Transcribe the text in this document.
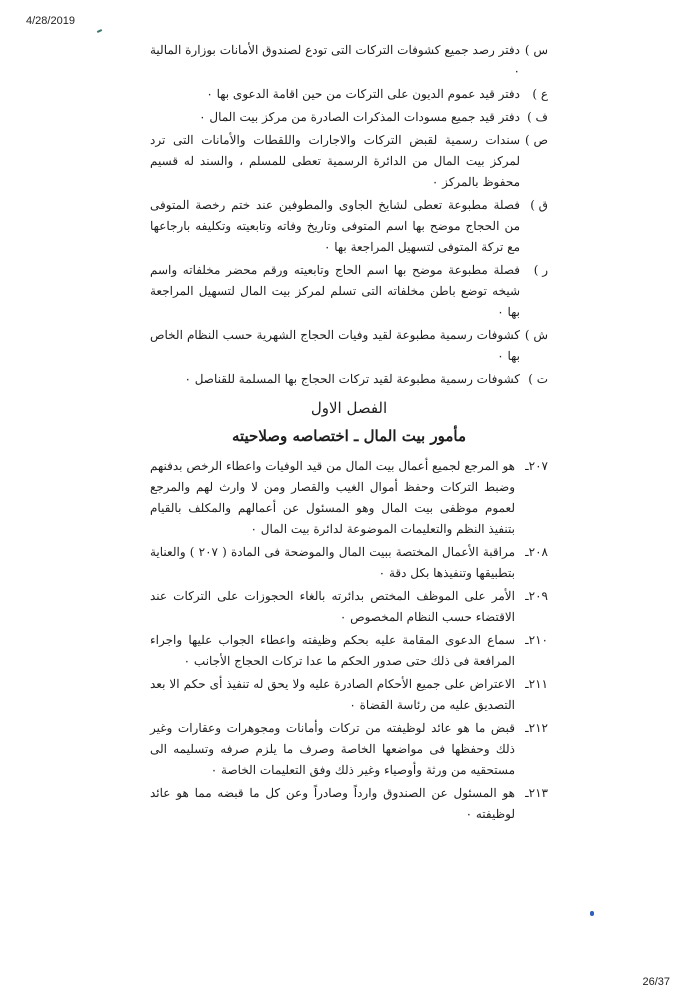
4/28/2019
س )
دفتر رصد جميع كشوفات التركات التى تودع لصندوق الأمانات بوزارة المالية ٠
ع )
دفتر قيد عموم الديون على التركات من حين اقامة الدعوى بها ٠
ف )
دفتر قيد جميع مسودات المذكرات الصادرة من مركز بيت المال ٠
ص )
سندات رسمية لقبض التركات والاجارات واللقطات والأمانات التى ترد لمركز بيت المال من الدائرة الرسمية تعطى للمسلم ، والسند له قسيم محفوظ بالمركز ٠
ق )
فصلة مطبوعة تعطى لشايخ الجاوى والمطوفين عند ختم رخصة المتوفى من الحجاج موضح بها اسم المتوفى وتاريخ وفاته وتابعيته وتكليفه بارجاعها مع تركة المتوفى لتسهيل المراجعة بها ٠
ر )
فصلة مطبوعة موضح بها اسم الحاج وتابعيته ورقم محضر مخلفاته واسم شيخه توضع باطن مخلفاته التى تسلم لمركز بيت المال لتسهيل المراجعة بها ٠
ش )
كشوفات رسمية مطبوعة لقيد وفيات الحجاج الشهرية حسب النظام الخاص بها ٠
ت )
كشوفات رسمية مطبوعة لقيد تركات الحجاج بها المسلمة للقناصل ٠
الفصل الاول
مأمور بيت المال ـ اختصاصه وصلاحيته
٢٠٧ـ
هو المرجع لجميع أعمال بيت المال من قيد الوفيات واعطاء الرخص بدفنهم وضبط التركات وحفظ أموال الغيب والقصار ومن لا وارث لهم والمرجع لعموم موظفى بيت المال وهو المسئول عن أعمالهم والمكلف بالقيام بتنفيذ النظم والتعليمات الموضوعة لدائرة بيت المال ٠
٢٠٨ـ
مراقبة الأعمال المختصة ببيت المال والموضحة فى المادة ( ٢٠٧ ) والعناية بتطبيقها وتنفيذها بكل دقة ٠
٢٠٩ـ
الأمر على الموظف المختص بدائرته بالغاء الحجوزات على التركات عند الاقتضاء حسب النظام المخصوص ٠
٢١٠ـ
سماع الدعوى المقامة عليه بحكم وظيفته واعطاء الجواب عليها واجراء المرافعة فى ذلك حتى صدور الحكم ما عدا تركات الحجاج الأجانب ٠
٢١١ـ
الاعتراض على جميع الأحكام الصادرة عليه ولا يحق له تنفيذ أى حكم الا بعد التصديق عليه من رئاسة القضاة ٠
٢١٢ـ
قبض ما هو عائد لوظيفته من تركات وأمانات ومجوهرات وعقارات وغير ذلك وحفظها فى مواضعها الخاصة وصرف ما يلزم صرفه وتسليمه الى مستحقيه من ورثة وأوصياء وغير ذلك وفق التعليمات الخاصة ٠
٢١٣ـ
هو المسئول عن الصندوق وارداً وصادراً وعن كل ما قبضه مما هو عائد لوظيفته ٠
26/37
